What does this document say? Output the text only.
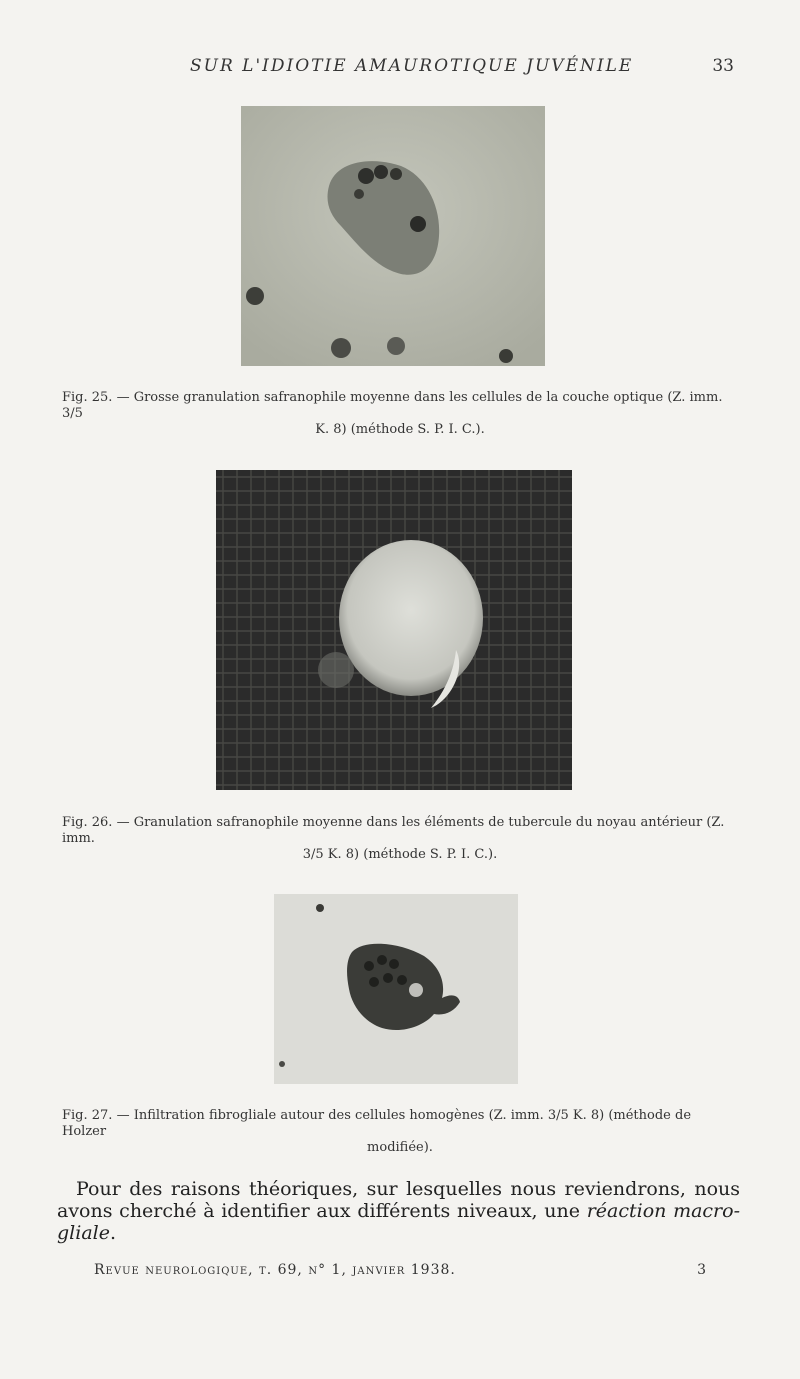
SUR L'IDIOTIE AMAUROTIQUE JUVÉNILE	33
Fig. 25. — Grosse granulation safranophile moyenne dans les cellules de la couche optique (Z. imm. 3/5
K. 8) (méthode S. P. I. C.).
Fig. 26. — Granulation safranophile moyenne dans les éléments de tubercule du noyau antérieur (Z. imm.
3/5 K. 8) (méthode S. P. I. C.).
Fig. 27. — Infiltration fibrogliale autour des cellules homogènes (Z. imm. 3/5 K. 8) (méthode de Holzer
modifiée).
Pour des raisons théoriques, sur lesquelles nous reviendrons, nous
avons cherché à identifier aux différents niveaux, une réaction macro-
gliale.
Revue neurologique, t. 69, n° 1, janvier 1938.	3
